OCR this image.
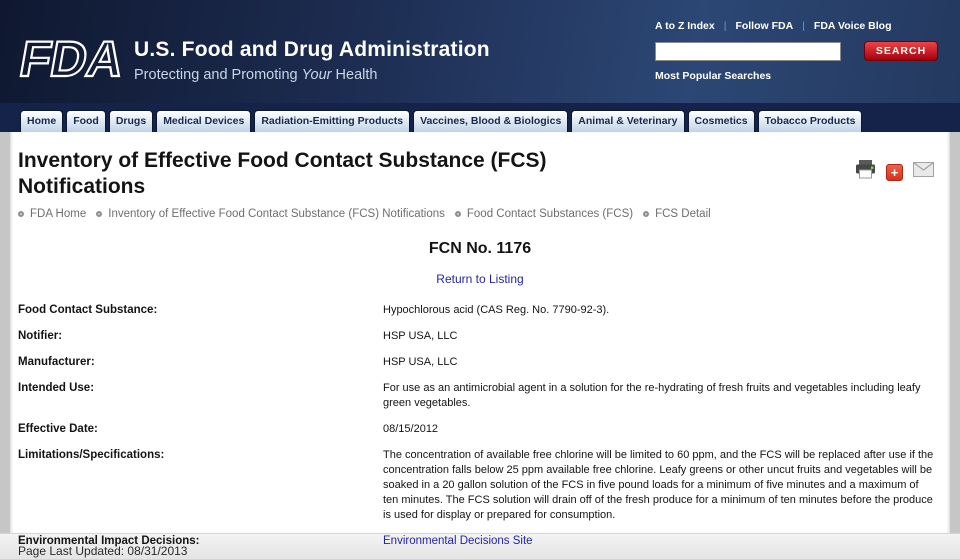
FDA U.S. Food and Drug Administration
Protecting and Promoting Your Health
A to Z Index | Follow FDA | FDA Voice Blog
SEARCH
Most Popular Searches
Home	Food	Drugs	Medical Devices	Radiation-Emitting Products	Vaccines, Blood & Biologics	Animal & Veterinary	Cosmetics	Tobacco Products
Inventory of Effective Food Contact Substance (FCS) Notifications
+
FDA Home Inventory of Effective Food Contact Substance (FCS) Notifications Food Contact Substances (FCS) FCS Detail
FCN No. 1176
Return to Listing
Food Contact Substance:	Hypochlorous acid (CAS Reg. No. 7790-92-3).
Notifier:	HSP USA, LLC
Manufacturer:	HSP USA, LLC
Intended Use:	For use as an antimicrobial agent in a solution for the re-hydrating of fresh fruits and vegetables including leafy green vegetables.
Effective Date:	08/15/2012
Limitations/Specifications:	The concentration of available free chlorine will be limited to 60 ppm, and the FCS will be replaced after use if the concentration falls below 25 ppm available free chlorine. Leafy greens or other uncut fruits and vegetables will be soaked in a 20 gallon solution of the FCS in five pound loads for a minimum of five minutes and a maximum of ten minutes. The FCS solution will drain off of the fresh produce for a minimum of ten minutes before the produce is used for display or prepared for consumption.
Environmental Impact Decisions:	Environmental Decisions Site
Page Last Updated: 08/31/2013
